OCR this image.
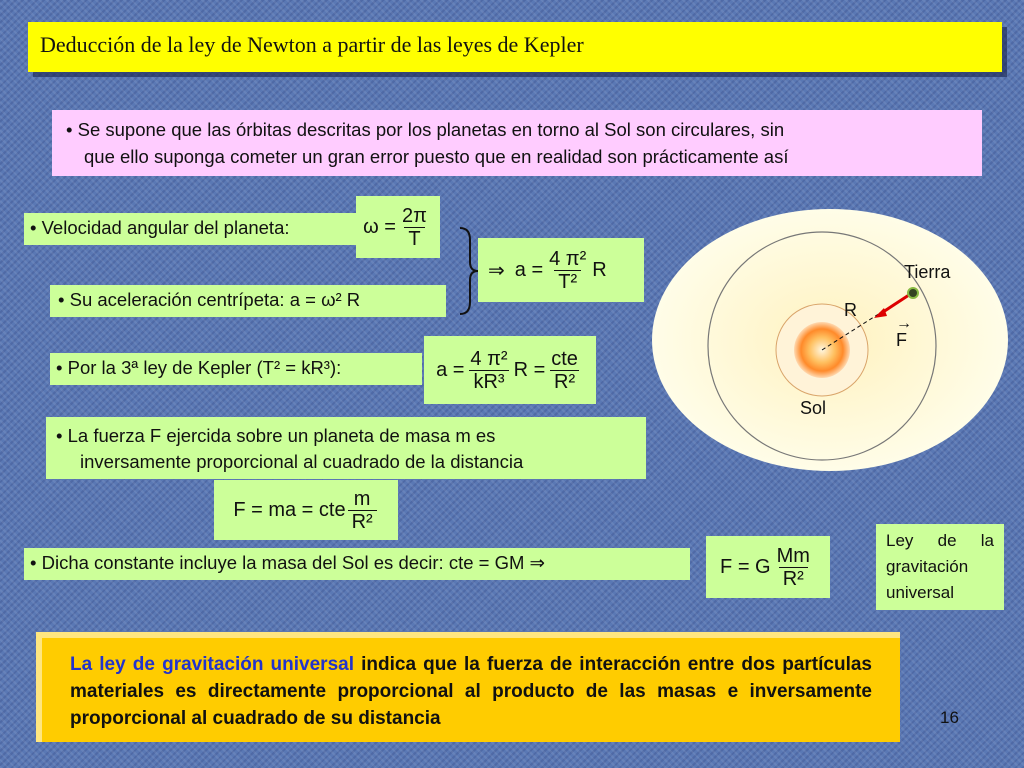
Deducción de la ley de Newton a partir de las leyes de Kepler
• Se supone que las órbitas descritas por los planetas en torno al Sol son circulares, sin
que ello suponga cometer un gran error puesto que en realidad son prácticamente así
• Velocidad angular del planeta:	$\omega = \frac{2\pi}{T}$
⇒ $a = \frac{\text{4 π²}}{\text{T²}}$ R
• Su aceleración centrípeta: a = ω² R
• Por la 3ª ley de Kepler (T² = kR³):	$a = \frac{\text{4 π²}}{\text{kR³}}$ $R = \frac{\text{cte}}{\text{R²}}$
• La fuerza F ejercida sobre un planeta de masa m es
inversamente proporcional al cuadrado de la distancia
F = ma = cte $\frac{m}{\text{R²}}$
• Dicha constante incluye la masa del Sol es decir: cte = GM ⇒	F = G $\frac{Mm}{\text{R²}}$
Ley de la
gravitación
universal
Tierra
R
→
F
Sol
La ley de gravitación universal indica que la fuerza de interacción entre dos partículas materiales es directamente proporcional al producto de las masas e inversamente proporcional al cuadrado de su distancia	16
